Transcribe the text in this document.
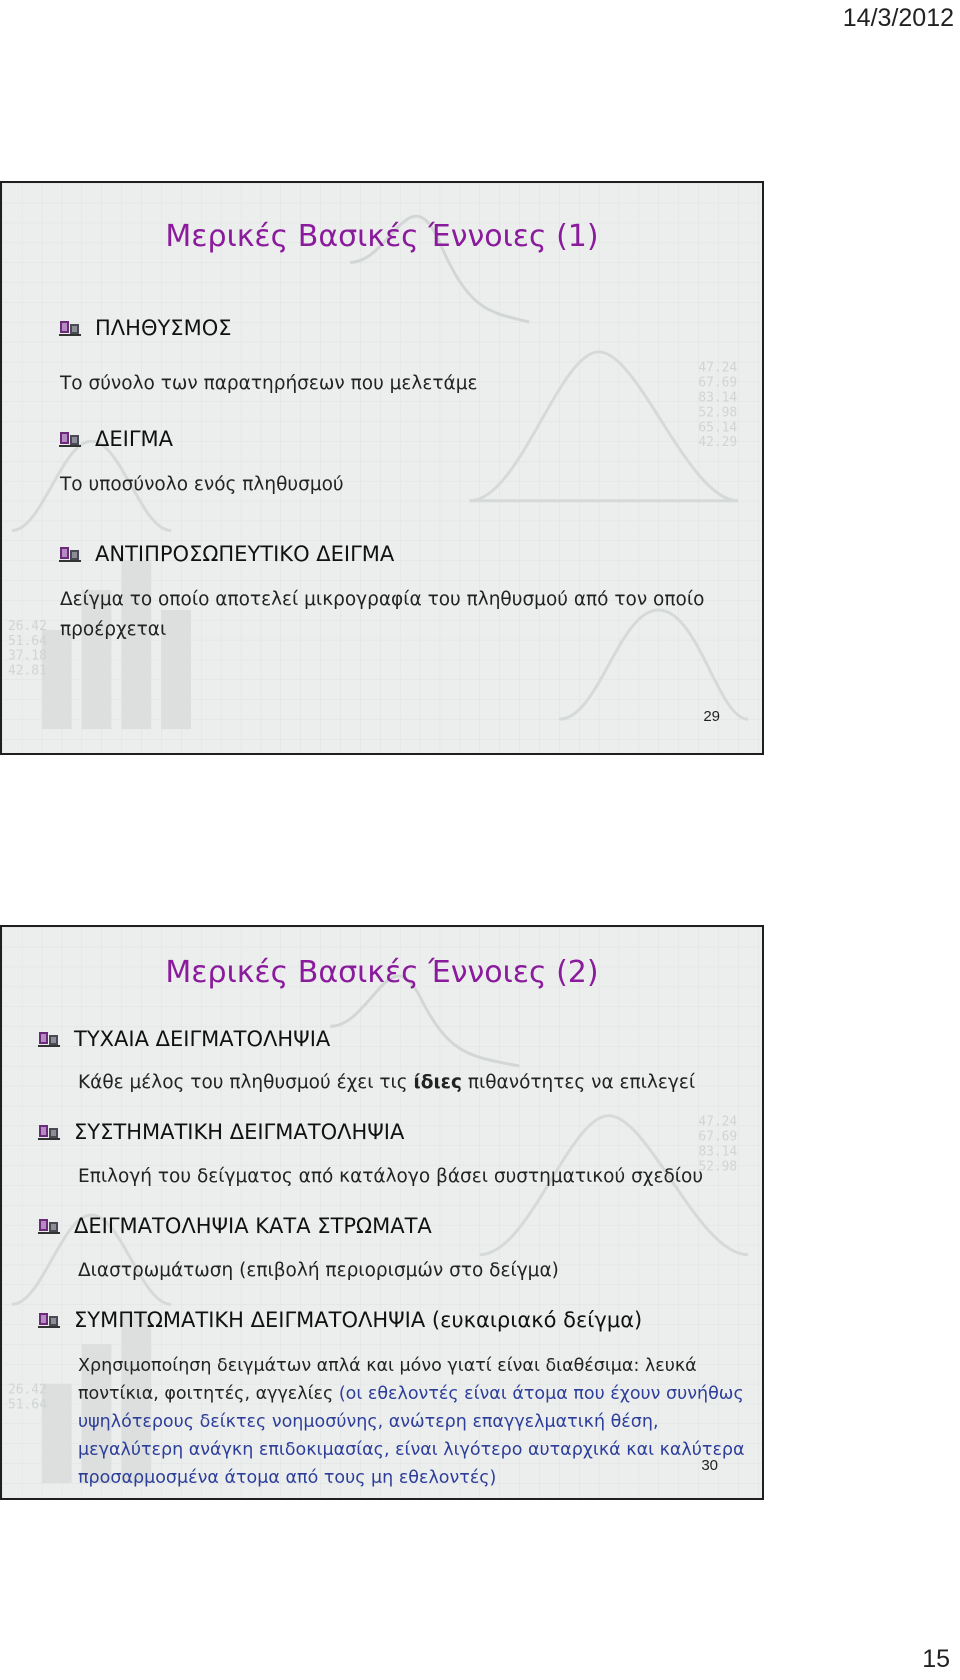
14/3/2012
47.24
67.69
83.14
52.98
65.14
42.29
26.42
51.64
37.18
42.81
Μερικές Βασικές Έννοιες (1)
ΠΛΗΘΥΣΜΟΣ
Το σύνολο των παρατηρήσεων που μελετάμε
ΔΕΙΓΜΑ
Το υποσύνολο ενός πληθυσμού
ΑΝΤΙΠΡΟΣΩΠΕΥΤΙΚΟ ΔΕΙΓΜΑ
Δείγμα το οποίο αποτελεί μικρογραφία του πληθυσμού από τον οποίο
προέρχεται
29
47.24
67.69
83.14
52.98
26.42
51.64
Μερικές Βασικές Έννοιες (2)
ΤΥΧΑΙΑ ΔΕΙΓΜΑΤΟΛΗΨΙΑ
Κάθε μέλος του πληθυσμού έχει τις ίδιες πιθανότητες να επιλεγεί
ΣΥΣΤΗΜΑΤΙΚΗ ΔΕΙΓΜΑΤΟΛΗΨΙΑ
Επιλογή του δείγματος από κατάλογο βάσει συστηματικού σχεδίου
ΔΕΙΓΜΑΤΟΛΗΨΙΑ ΚΑΤΑ ΣΤΡΩΜΑΤΑ
Διαστρωμάτωση (επιβολή περιορισμών στο δείγμα)
ΣΥΜΠΤΩΜΑΤΙΚΗ ΔΕΙΓΜΑΤΟΛΗΨΙΑ (ευκαιριακό δείγμα)
Χρησιμοποίηση δειγμάτων απλά και μόνο γιατί είναι διαθέσιμα: λευκά
ποντίκια, φοιτητές, αγγελίες (οι εθελοντές είναι άτομα που έχουν συνήθως
υψηλότερους δείκτες νοημοσύνης, ανώτερη επαγγελματική θέση,
μεγαλύτερη ανάγκη επιδοκιμασίας, είναι λιγότερο αυταρχικά και καλύτερα
προσαρμοσμένα άτομα από τους μη εθελοντές)
30
15
